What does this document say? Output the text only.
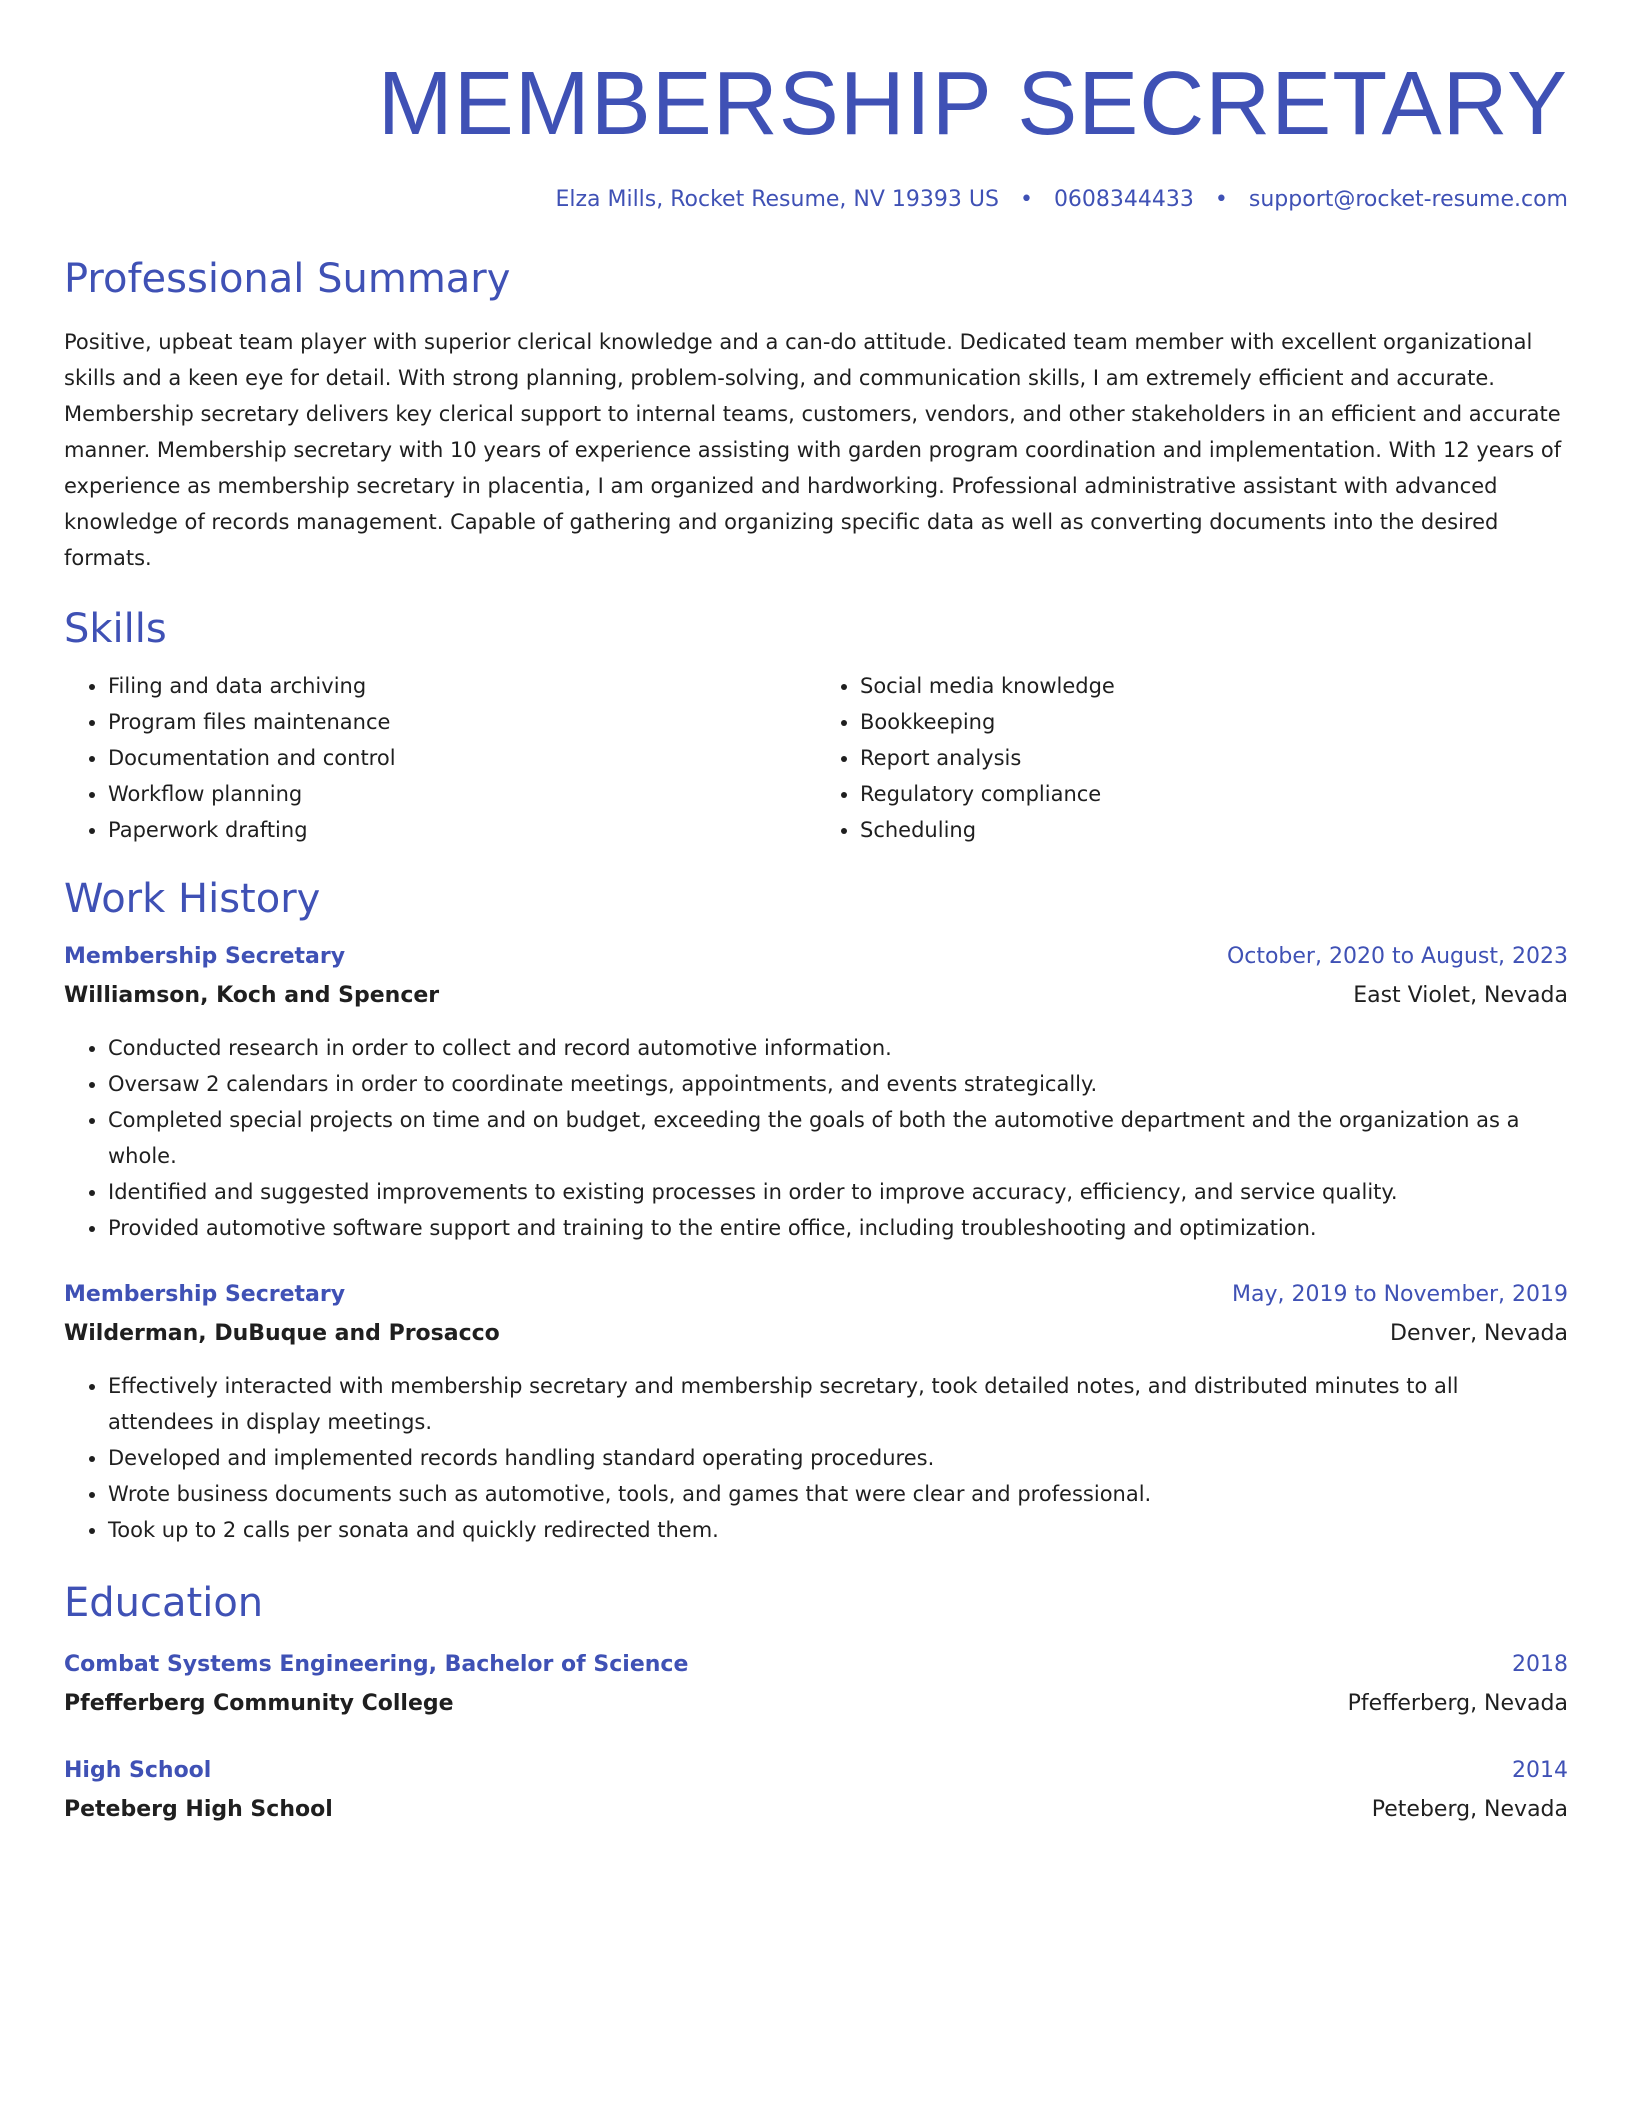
MEMBERSHIP SECRETARY
Elza Mills, Rocket Resume, NV 19393 US • 0608344433 • support@rocket-resume.com
Professional Summary

Positive, upbeat team player with superior clerical knowledge and a can-do attitude. Dedicated team member with excellent organizational skills and a keen eye for detail. With strong planning, problem-solving, and communication skills, I am extremely efficient and accurate. Membership secretary delivers key clerical support to internal teams, customers, vendors, and other stakeholders in an efficient and accurate manner. Membership secretary with 10 years of experience assisting with garden program coordination and implementation. With 12 years of experience as membership secretary in placentia, I am organized and hardworking. Professional administrative assistant with advanced knowledge of records management. Capable of gathering and organizing specific data as well as converting documents into the desired formats.

Skills
• Filing and data archiving
• Program files maintenance
• Documentation and control
• Workflow planning
• Paperwork drafting
• Social media knowledge
• Bookkeeping
• Report analysis
• Regulatory compliance
• Scheduling
Work History
Membership Secretary	October, 2020 to August, 2023
Williamson, Koch and Spencer	East Violet, Nevada
• Conducted research in order to collect and record automotive information.
• Oversaw 2 calendars in order to coordinate meetings, appointments, and events strategically.
• Completed special projects on time and on budget, exceeding the goals of both the automotive department and the organization as a whole.
• Identified and suggested improvements to existing processes in order to improve accuracy, efficiency, and service quality.
• Provided automotive software support and training to the entire office, including troubleshooting and optimization.
Membership Secretary	May, 2019 to November, 2019
Wilderman, DuBuque and Prosacco	Denver, Nevada
• Effectively interacted with membership secretary and membership secretary, took detailed notes, and distributed minutes to all attendees in display meetings.
• Developed and implemented records handling standard operating procedures.
• Wrote business documents such as automotive, tools, and games that were clear and professional.
• Took up to 2 calls per sonata and quickly redirected them.
Education
Combat Systems Engineering, Bachelor of Science	2018
Pfefferberg Community College	Pfefferberg, Nevada
High School	2014
Peteberg High School	Peteberg, Nevada
